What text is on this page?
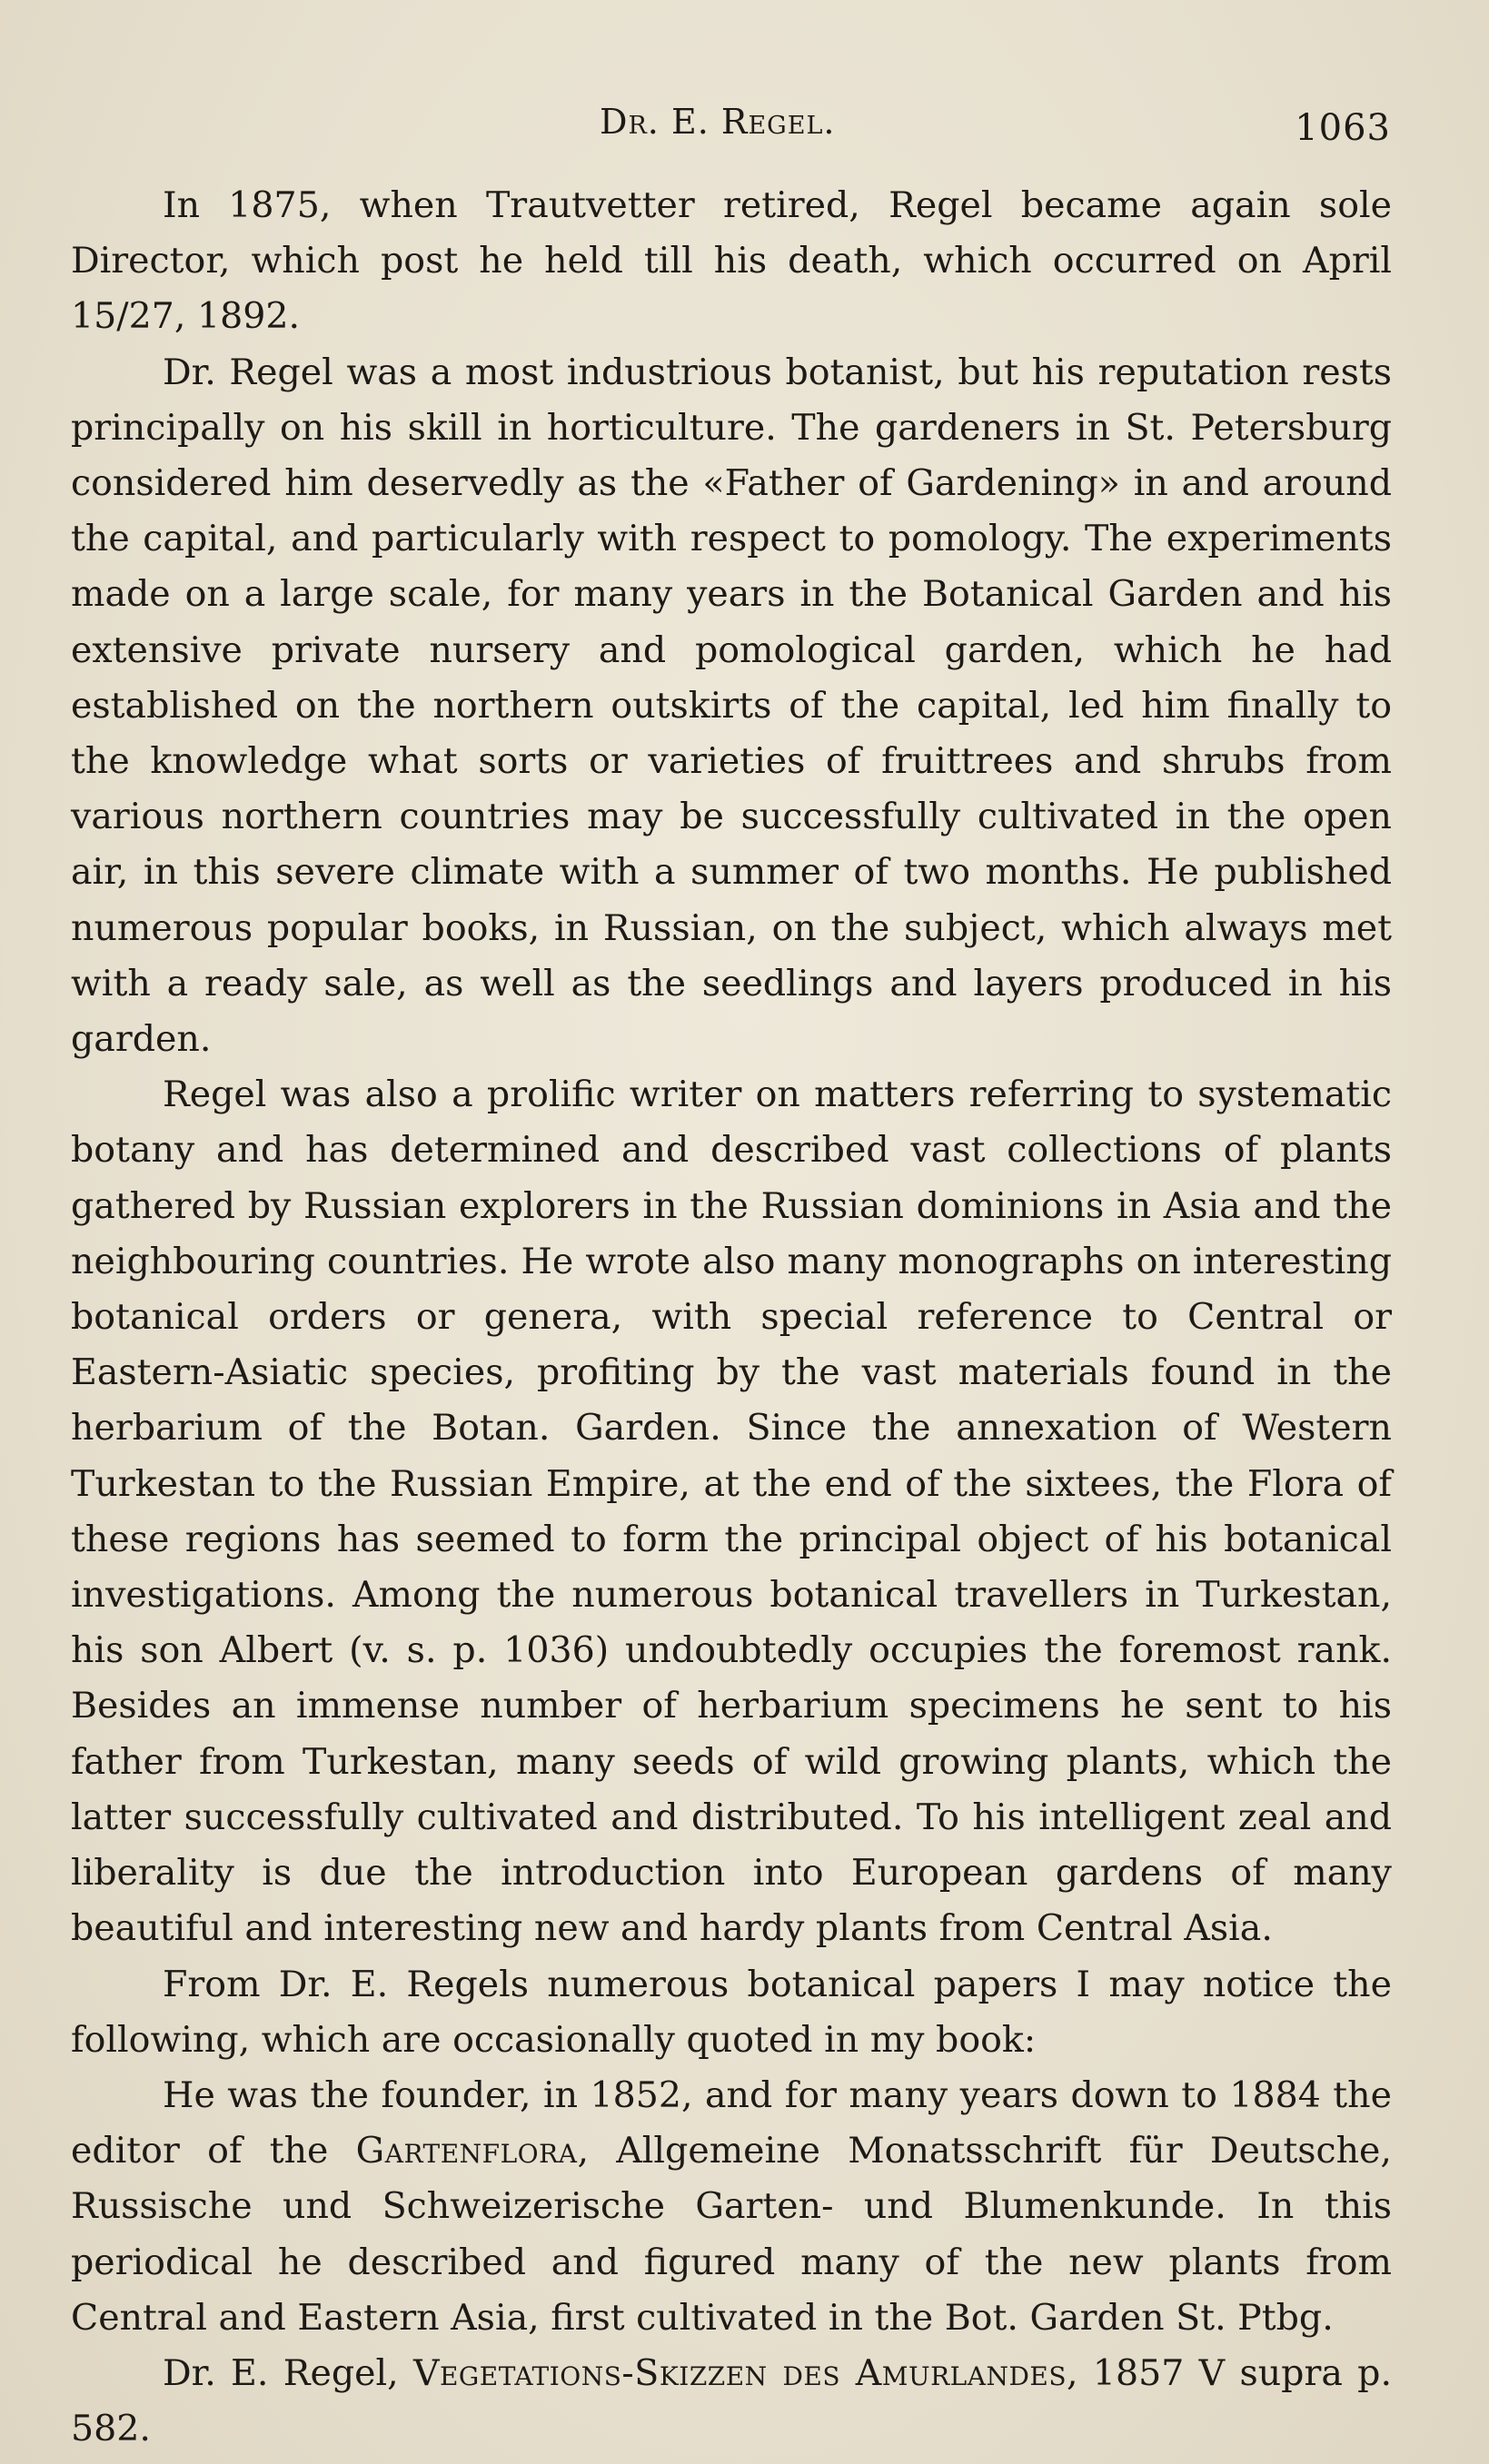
Dr. E. Regel.	1063

In 1875, when Trautvetter retired, Regel became again sole Director, which post he held till his death, which occurred on April 15/27, 1892.

Dr. Regel was a most industrious botanist, but his reputation rests principally on his skill in horticulture. The gardeners in St. Petersburg considered him deservedly as the «Father of Gardening» in and around the capital, and particularly with respect to pomology. The experiments made on a large scale, for many years in the Botanical Garden and his extensive private nursery and pomological garden, which he had established on the northern outskirts of the capital, led him finally to the knowledge what sorts or varieties of fruittrees and shrubs from various northern countries may be successfully cultivated in the open air, in this severe climate with a summer of two months. He published numerous popular books, in Russian, on the subject, which always met with a ready sale, as well as the seedlings and layers produced in his garden.

Regel was also a prolific writer on matters referring to systematic botany and has determined and described vast collections of plants gathered by Russian explorers in the Russian dominions in Asia and the neighbouring countries. He wrote also many monographs on interesting botanical orders or genera, with special reference to Central or Eastern-Asiatic species, profiting by the vast materials found in the herbarium of the Botan. Garden. Since the annexation of Western Turkestan to the Russian Empire, at the end of the sixtees, the Flora of these regions has seemed to form the principal object of his botanical investigations. Among the numerous botanical travellers in Turkestan, his son Albert (v. s. p. 1036) undoubtedly occupies the foremost rank. Besides an immense number of herbarium specimens he sent to his father from Turkestan, many seeds of wild growing plants, which the latter successfully cultivated and distributed. To his intelligent zeal and liberality is due the introduction into European gardens of many beautiful and interesting new and hardy plants from Central Asia.

From Dr. E. Regels numerous botanical papers I may notice the following, which are occasionally quoted in my book:

He was the founder, in 1852, and for many years down to 1884 the editor of the Gartenflora, Allgemeine Monatsschrift für Deutsche, Russische und Schweizerische Garten- und Blumenkunde. In this periodical he described and figured many of the new plants from Central and Eastern Asia, first cultivated in the Bot. Garden St. Ptbg.

Dr. E. Regel, Vegetations-Skizzen des Amurlandes, 1857 V supra p. 582.
